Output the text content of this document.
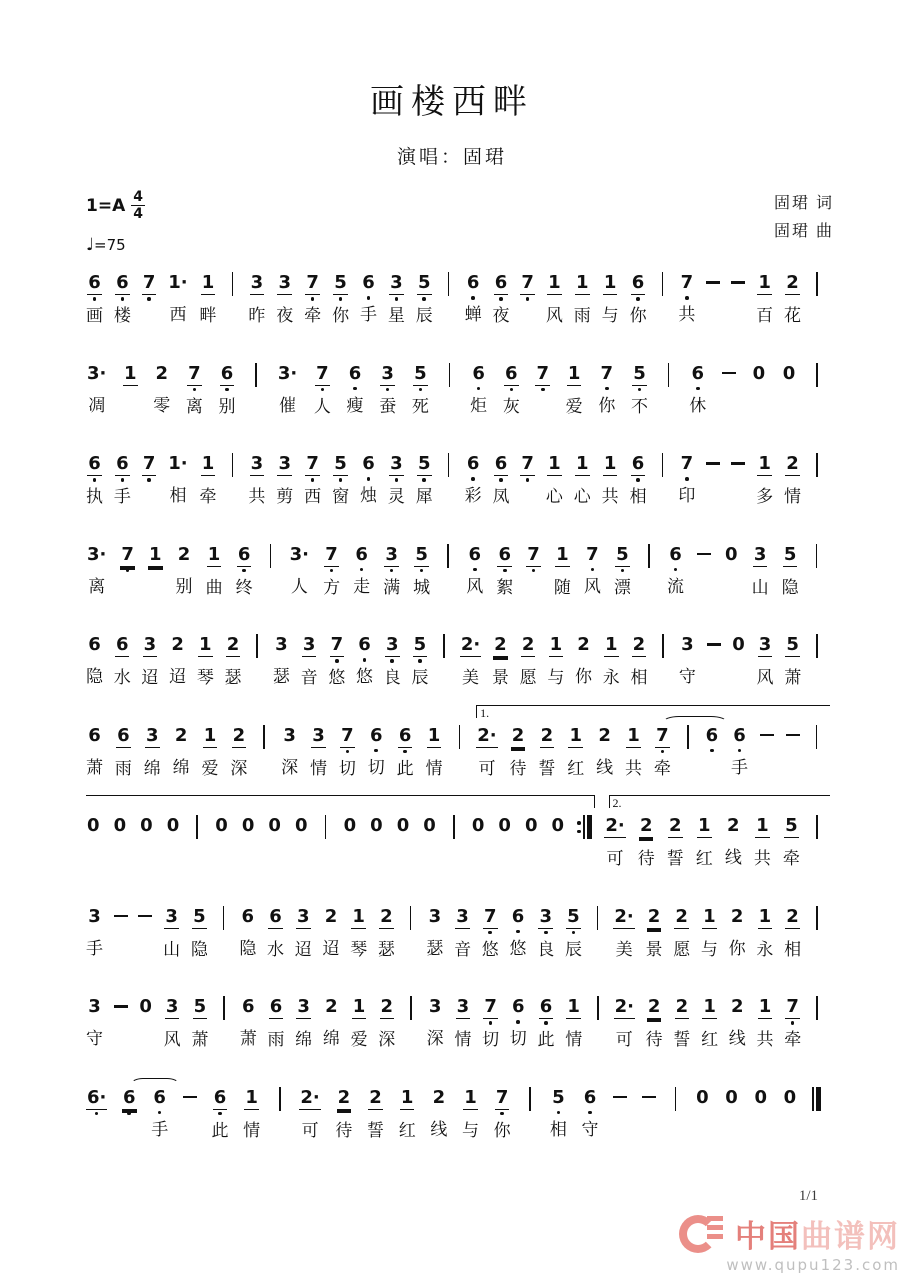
画楼西畔
演唱：固珺
$1=A \frac{4}{4}$
♩=75
固珺 词
固珺 曲
6
画
6
楼
7 1·
西
1
畔
3
昨
3
夜
7
牵
5
你
6
手
3
星
5
辰
6
蝉
6
夜
7 1
风
1
雨
1
与
6
你
7
共
1
百
2
花
3·
凋
1 2
零
7
离
6
别
3·
催
7
人
6
瘦
3
蚕
5
死
6
炬
6
灰
7 1
爱
7
你
5
不
6
休
0 0
6
执
6
手
7 1·
相
1
牵
3
共
3
剪
7
西
5
窗
6
烛
3
灵
5
犀
6
彩
6
凤
7 1
心
1
心
1
共
6
相
7
印
1
多
2
情
3·
离
7 1 2
别
1
曲
6
终
3·
人
7
方
6
走
3
满
5
城
6
风
6
絮
7 1
随
7
风
5
漂
6
流
0 3
山
5
隐
6
隐
6
水
3
迢
2
迢
1
琴
2
瑟
3
瑟
3
音
7
悠
6
悠
3
良
5
辰
2·
美
2
景
2
愿
1
与
2
你
1
永
2
相
3
守
0 3
风
5
萧
1.
6
萧
6
雨
3
绵
2
绵
1
爱
2
深
3
深
3
情
7
切
6
切
6
此
1
情
2·
可
2
待
2
誓
1
红
2
线
1
共
7
牵
6 6
手
2.
0 0 0 0 0 0 0 0 0 0 0 0 0 0 0 0 2·
可
2
待
2
誓
1
红
2
线
1
共
5
牵
3
手
3
山
5
隐
6
隐
6
水
3
迢
2
迢
1
琴
2
瑟
3
瑟
3
音
7
悠
6
悠
3
良
5
辰
2·
美
2
景
2
愿
1
与
2
你
1
永
2
相
3
守
0 3
风
5
萧
6
萧
6
雨
3
绵
2
绵
1
爱
2
深
3
深
3
情
7
切
6
切
6
此
1
情
2·
可
2
待
2
誓
1
红
2
线
1
共
7
牵
6· 6 6
手
6
此
1
情
2·
可
2
待
2
誓
1
红
2
线
1
与
7
你
5
相
6
守
0 0 0 0
1/1
中国 曲谱网
www.qupu123.com
